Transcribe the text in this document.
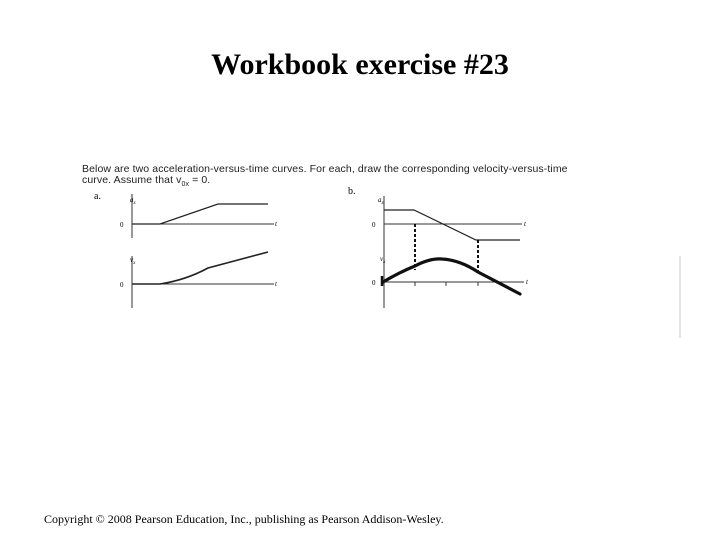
Workbook exercise #23
Below are two acceleration-versus-time curves. For each, draw the corresponding velocity-versus-time
curve. Assume that $v_{0x} = 0$.
a.	$a_x$
0	t
$v_x$
0	t
b.
$a_x$
0	t
$v_x$
0	t
Copyright © 2008 Pearson Education, Inc., publishing as Pearson Addison-Wesley.
